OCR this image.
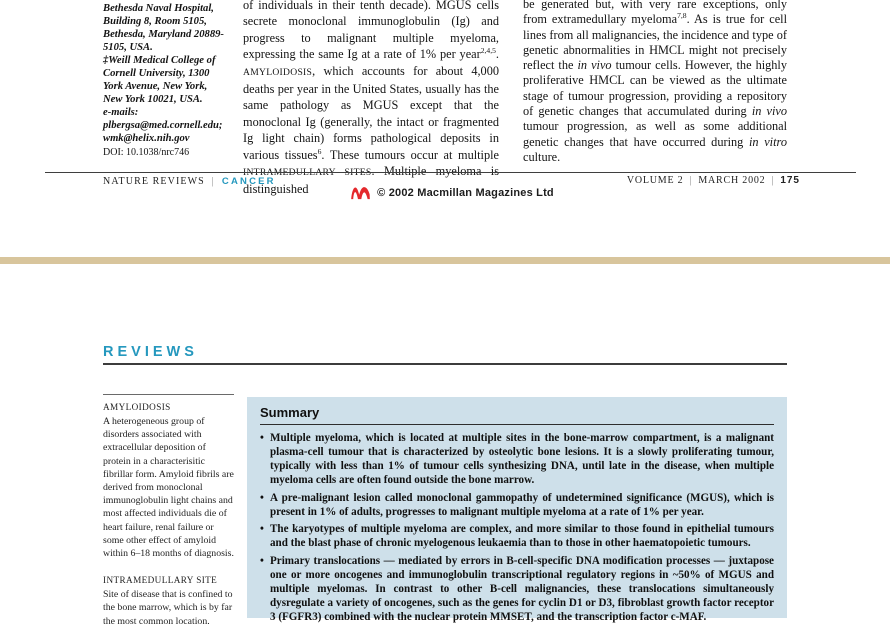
Bethesda Naval Hospital,
Building 8, Room 5105,
Bethesda, Maryland 20889-
5105, USA.
‡Weill Medical College of
Cornell University, 1300
York Avenue, New York,
New York 10021, USA.
e-mails:
plbergsa@med.cornell.edu;
wmk@helix.nih.gov
DOI: 10.1038/nrc746
of individuals in their tenth decade). MGUS cells secrete monoclonal immunoglobulin (Ig) and progress to malignant multiple myeloma, expressing the same Ig at a rate of 1% per year$^{2,4,5}$. AMYLOIDOSIS, which accounts for about 4,000 deaths per year in the United States, usually has the same pathology as MGUS except that the monoclonal Ig (generally, the intact or fragmented Ig light chain) forms pathological deposits in various tissues$^6$. These tumours occur at multiple INTRAMEDULLARY SITES. Multiple myeloma is distinguished
be generated but, with very rare exceptions, only from extramedullary myeloma$^{7,8}$. As is true for cell lines from all malignancies, the incidence and type of genetic abnormalities in HMCL might not precisely reflect the in vivo tumour cells. However, the highly proliferative HMCL can be viewed as the ultimate stage of tumour progression, providing a repository of genetic changes that accumulated during in vivo tumour progression, as well as some additional genetic changes that have occurred during in vitro culture.
NATURE REVIEWS | CANCER	VOLUME 2 | MARCH 2002 | 175
© 2002 Macmillan Magazines Ltd
REVIEWS
AMYLOIDOSIS
A heterogeneous group of disorders associated with extracellular deposition of protein in a characterisitic fibrillar form. Amyloid fibrils are derived from monoclonal immunoglobulin light chains and most affected individuals die of heart failure, renal failure or some other effect of amyloid within 6–18 months of diagnosis.
INTRAMEDULLARY SITE
Site of disease that is confined to the bone marrow, which is by far the most common location.
Summary
• Multiple myeloma, which is located at multiple sites in the bone-marrow compartment, is a malignant plasma-cell tumour that is characterized by osteolytic bone lesions. It is a slowly proliferating tumour, typically with less than 1% of tumour cells synthesizing DNA, until late in the disease, when multiple myeloma cells are often found outside the bone marrow.
• A pre-malignant lesion called monoclonal gammopathy of undetermined significance (MGUS), which is present in 1% of adults, progresses to malignant multiple myeloma at a rate of 1% per year.
• The karyotypes of multiple myeloma are complex, and more similar to those found in epithelial tumours and the blast phase of chronic myelogenous leukaemia than to those in other haematopoietic tumours.
• Primary translocations — mediated by errors in B-cell-specific DNA modification processes — juxtapose one or more oncogenes and immunoglobulin transcriptional regulatory regions in ~50% of MGUS and multiple myelomas. In contrast to other B-cell malignancies, these translocations simultaneously dysregulate a variety of oncogenes, such as the genes for cyclin D1 or D3, fibroblast growth factor receptor 3 (FGFR3) combined with the nuclear protein MMSET, and the transcription factor c-MAF.
